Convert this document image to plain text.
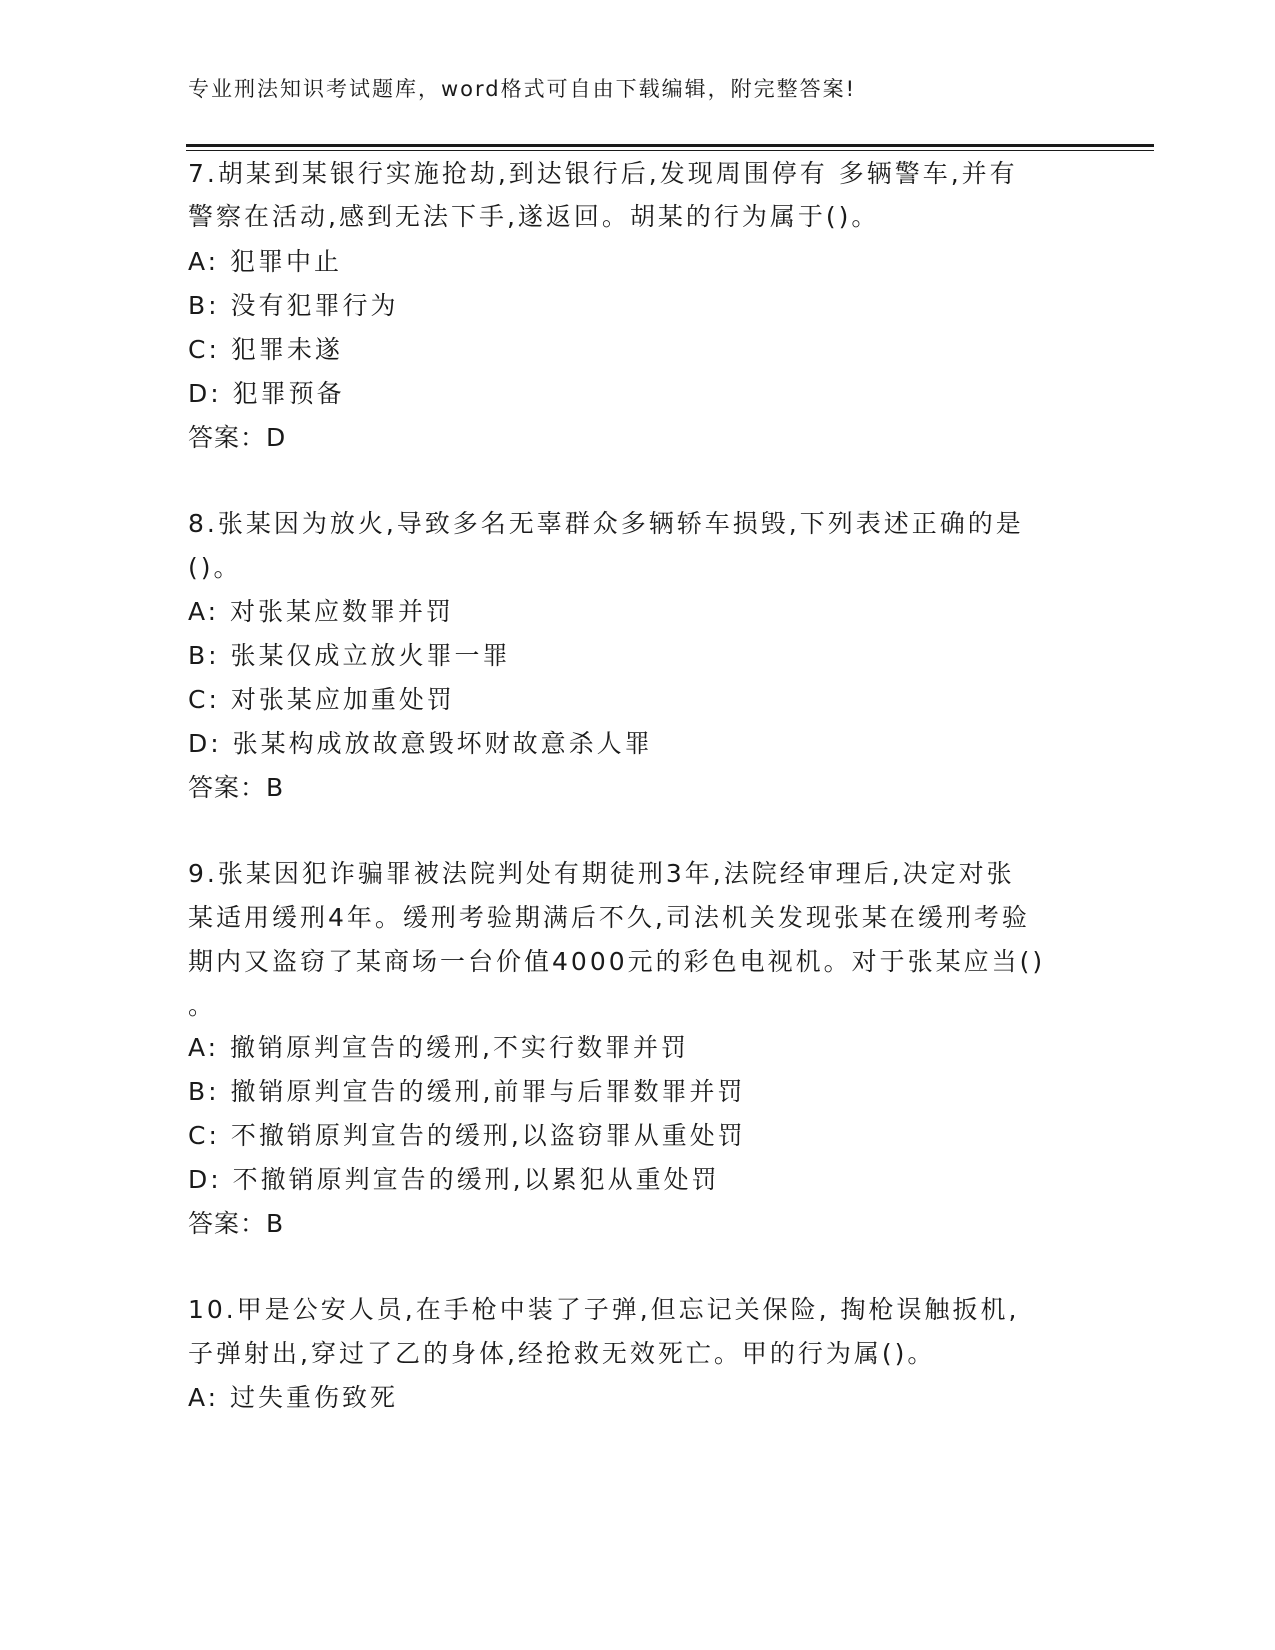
专业刑法知识考试题库，word格式可自由下载编辑，附完整答案!
7.胡某到某银行实施抢劫,到达银行后,发现周围停有 多辆警车,并有
警察在活动,感到无法下手,遂返回。胡某的行为属于()。
A: 犯罪中止
B: 没有犯罪行为
C: 犯罪未遂
D: 犯罪预备
答案：D
8.张某因为放火,导致多名无辜群众多辆轿车损毁,下列表述正确的是
()。
A: 对张某应数罪并罚
B: 张某仅成立放火罪一罪
C: 对张某应加重处罚
D: 张某构成放故意毁坏财故意杀人罪
答案：B
9.张某因犯诈骗罪被法院判处有期徒刑3年,法院经审理后,决定对张
某适用缓刑4年。缓刑考验期满后不久,司法机关发现张某在缓刑考验
期内又盗窃了某商场一台价值4000元的彩色电视机。对于张某应当()
。
A: 撤销原判宣告的缓刑,不实行数罪并罚
B: 撤销原判宣告的缓刑,前罪与后罪数罪并罚
C: 不撤销原判宣告的缓刑,以盗窃罪从重处罚
D: 不撤销原判宣告的缓刑,以累犯从重处罚
答案：B
10.甲是公安人员,在手枪中装了子弹,但忘记关保险, 掏枪误触扳机,
子弹射出,穿过了乙的身体,经抢救无效死亡。甲的行为属()。
A: 过失重伤致死
